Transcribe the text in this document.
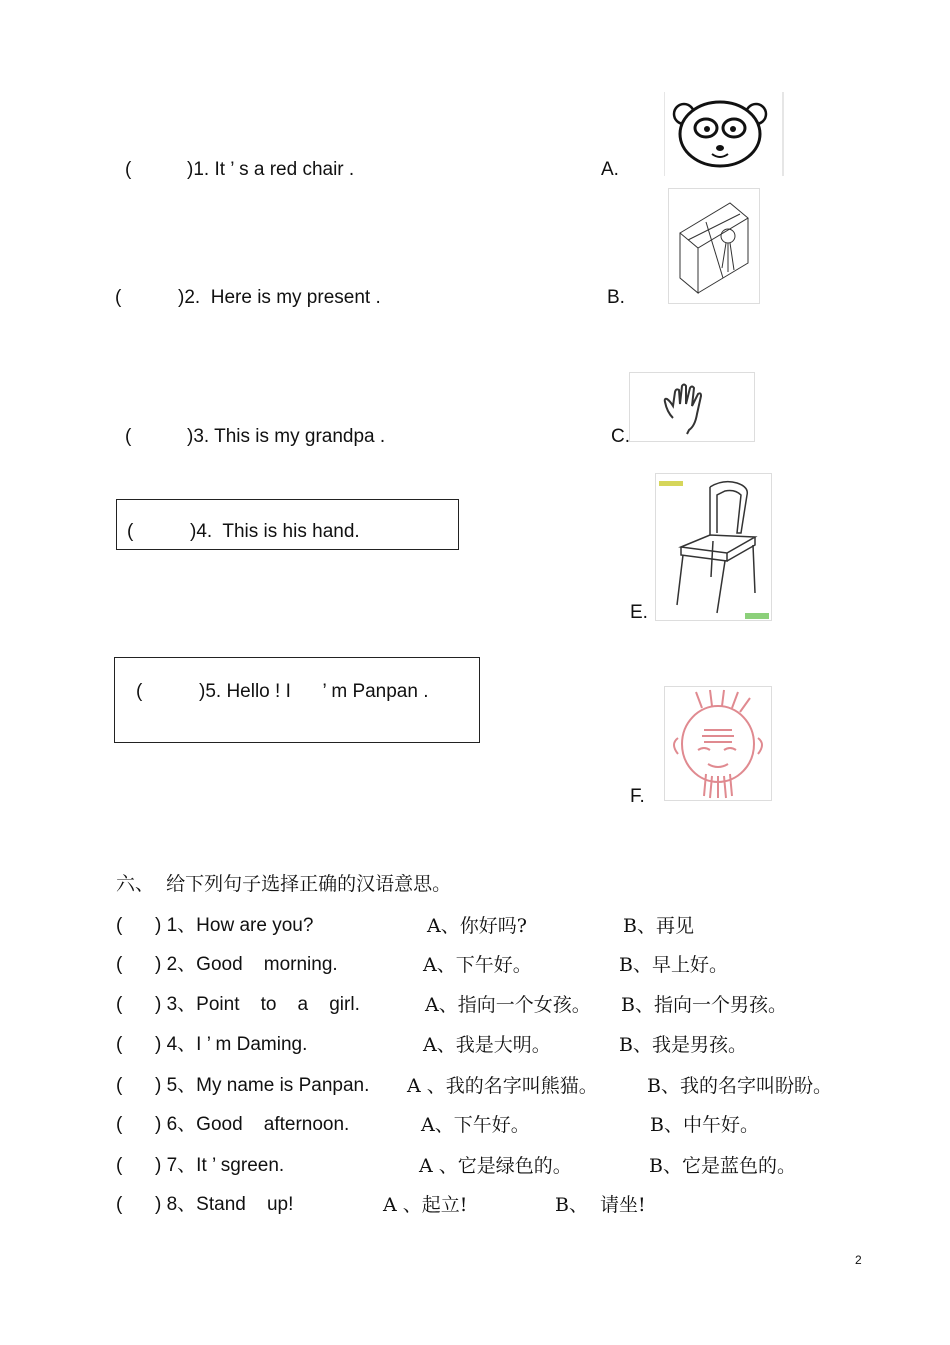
(	)1. It ’ s a red chair .	A.
(	)2.  Here is my present .	B.
(	)3. This is my grandpa .	C.
(	)4.  This is his hand.
E.
(	)5. Hello ! I      ’ m Panpan .
F.
六、  给下列句子选择正确的汉语意思。
( ) 1、How are you?	A、你好吗?	B、再见
( ) 2、Good    morning.	A、下午好。	B、早上好。
( ) 3、Point    to    a    girl.	A、指向一个女孩。 B、指向一个男孩。
( ) 4、I ’ m Daming.	A、我是大明。	B、我是男孩。
( ) 5、My name is Panpan. A 、我的名字叫熊猫。	B、我的名字叫盼盼。
( ) 6、Good    afternoon.	A、下午好。	B、中午好。
( ) 7、It ’ sgreen.	A 、它是绿色的。	B、它是蓝色的。
( ) 8、Stand    up!	A 、起立!	B、  请坐!
2
